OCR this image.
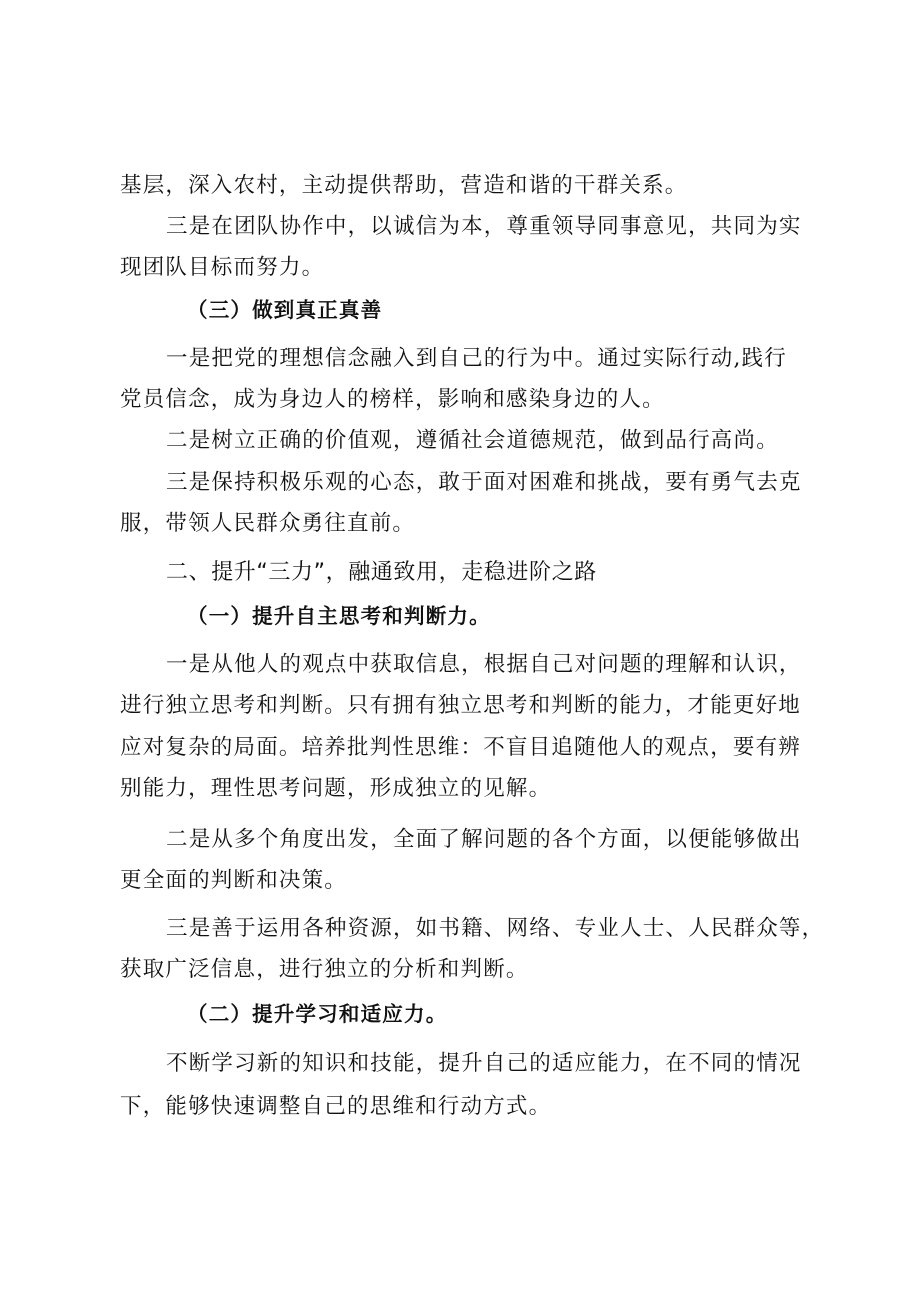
基层，深入农村，主动提供帮助，营造和谐的干群关系。
三是在团队协作中，以诚信为本，尊重领导同事意见，共同为实
现团队目标而努力。
（三）做到真正真善
一是把党的理想信念融入到自己的行为中。通过实际行动,践行
党员信念，成为身边人的榜样，影响和感染身边的人。
二是树立正确的价值观，遵循社会道德规范，做到品行高尚。
三是保持积极乐观的心态，敢于面对困难和挑战，要有勇气去克
服，带领人民群众勇往直前。
二、提升“三力”，融通致用，走稳进阶之路
（一）提升自主思考和判断力。
一是从他人的观点中获取信息，根据自己对问题的理解和认识，
进行独立思考和判断。只有拥有独立思考和判断的能力，才能更好地
应对复杂的局面。培养批判性思维：不盲目追随他人的观点，要有辨
别能力，理性思考问题，形成独立的见解。
二是从多个角度出发，全面了解问题的各个方面，以便能够做出
更全面的判断和决策。
三是善于运用各种资源，如书籍、网络、专业人士、人民群众等，
获取广泛信息，进行独立的分析和判断。
（二）提升学习和适应力。
不断学习新的知识和技能，提升自己的适应能力，在不同的情况
下，能够快速调整自己的思维和行动方式。
